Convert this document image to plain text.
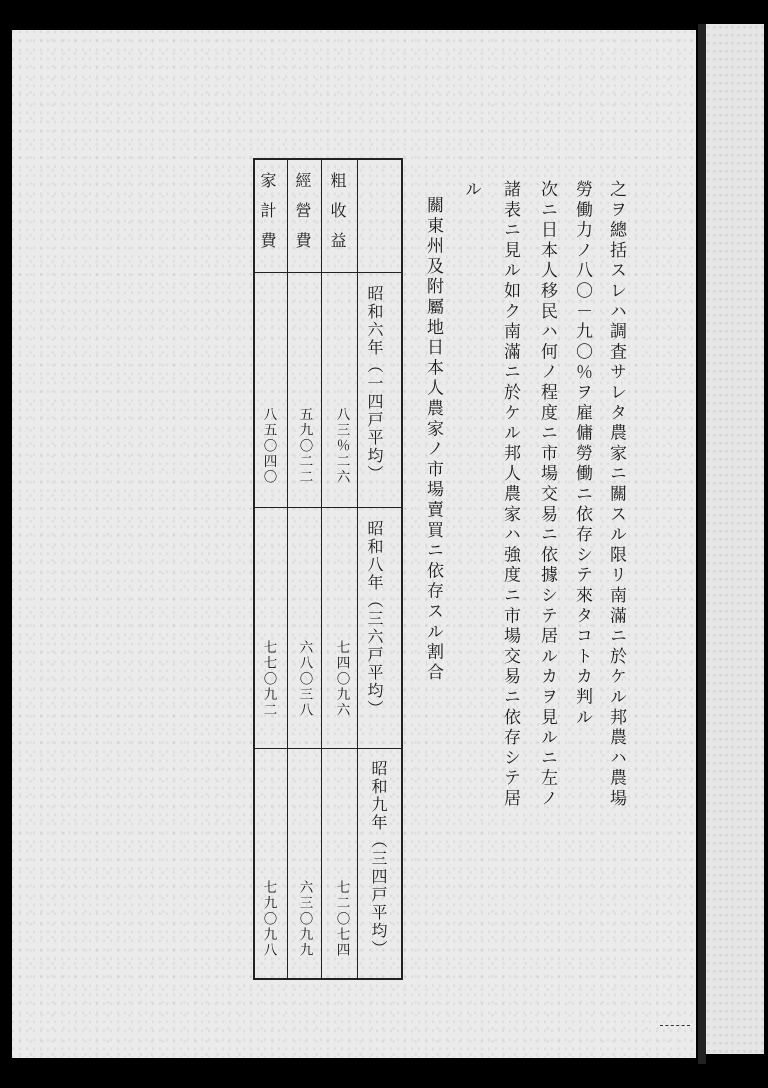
之ヲ總括スレハ調査サレタ農家ニ關スル限リ南滿ニ於ケル邦農ハ農場
勞働力ノ八〇－九〇％ヲ雇傭勞働ニ依存シテ來タコトカ判ル
次ニ日本人移民ハ何ノ程度ニ市場交易ニ依據シテ居ルカヲ見ルニ左ノ
諸表ニ見ル如ク南滿ニ於ケル邦人農家ハ強度ニ市場交易ニ依存シテ居
ル
關東州及附屬地日本人農家ノ市場賣買ニ依存スル割合
粗收益
經營費
家計費
昭和六年（一四戸平均）
八三％二六
五九〇二二
八五〇四〇
昭和八年（三六戸平均）
七四〇九六
六八〇三八
七七〇九二
昭和九年（三四戸平均）
七二〇七四
六三〇九九
七九〇九八
